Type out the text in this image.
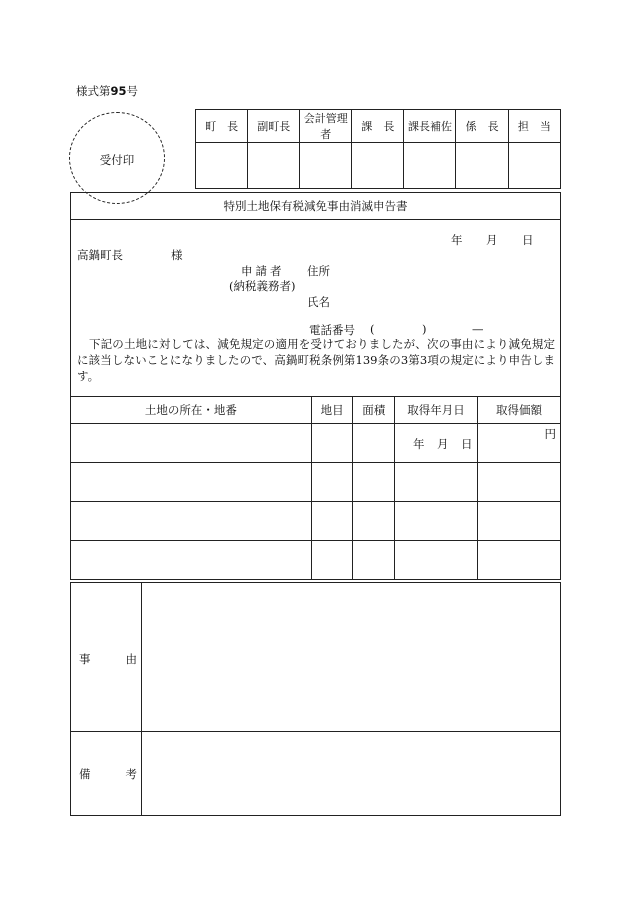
様式第95号
受付印
町　長	副町長	会計管理者	課　長	課長補佐	係　長	担　当

特別土地保有税減免事由消滅申告書
年 月 日
高鍋町長	様
申請者
(納税義務者)
住所
氏名
電話番号 (	)	—
下記の土地に対しては、減免規定の適用を受けておりましたが、次の事由により減免規定に該当しないことになりましたので、高鍋町税条例第139条の3第3項の規定により申告します。
土地の所在・地番	地目	面積	取得年月日	取得価額

			年 月 日	円

事	由
備	考
